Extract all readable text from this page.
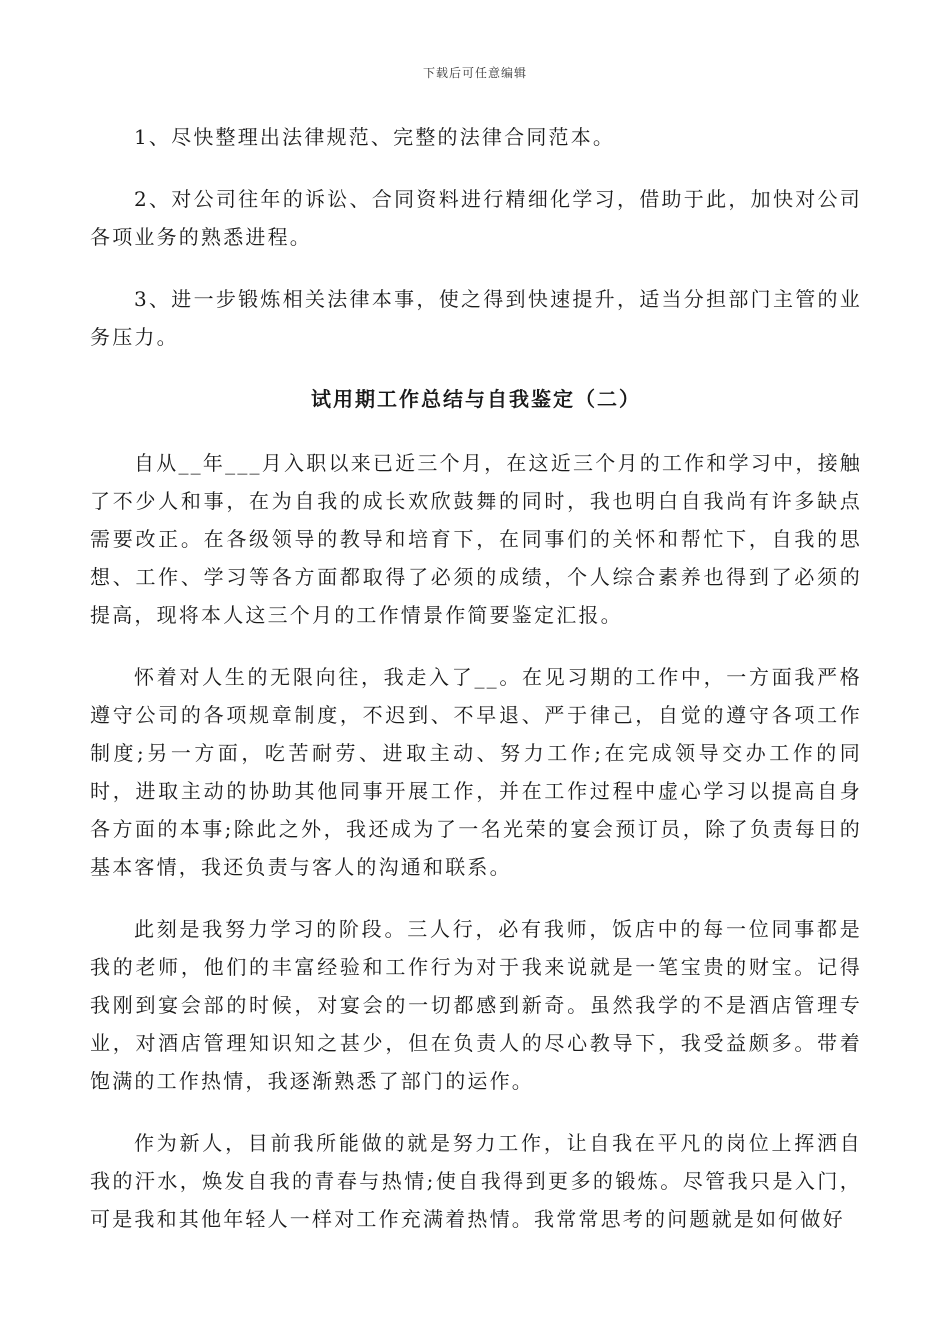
下载后可任意编辑

1、尽快整理出法律规范、完整的法律合同范本。

2、对公司往年的诉讼、合同资料进行精细化学习，借助于此，加快对公司各项业务的熟悉进程。

3、进一步锻炼相关法律本事，使之得到快速提升，适当分担部门主管的业务压力。

试用期工作总结与自我鉴定（二）

自从__年___月入职以来已近三个月，在这近三个月的工作和学习中，接触了不少人和事，在为自我的成长欢欣鼓舞的同时，我也明白自我尚有许多缺点需要改正。在各级领导的教导和培育下，在同事们的关怀和帮忙下，自我的思想、工作、学习等各方面都取得了必须的成绩，个人综合素养也得到了必须的提高，现将本人这三个月的工作情景作简要鉴定汇报。

怀着对人生的无限向往，我走入了__。在见习期的工作中，一方面我严格遵守公司的各项规章制度，不迟到、不早退、严于律己，自觉的遵守各项工作制度;另一方面，吃苦耐劳、进取主动、努力工作;在完成领导交办工作的同时，进取主动的协助其他同事开展工作，并在工作过程中虚心学习以提高自身各方面的本事;除此之外，我还成为了一名光荣的宴会预订员，除了负责每日的基本客情，我还负责与客人的沟通和联系。

此刻是我努力学习的阶段。三人行，必有我师，饭店中的每一位同事都是我的老师，他们的丰富经验和工作行为对于我来说就是一笔宝贵的财宝。记得我刚到宴会部的时候，对宴会的一切都感到新奇。虽然我学的不是酒店管理专业，对酒店管理知识知之甚少，但在负责人的尽心教导下，我受益颇多。带着饱满的工作热情，我逐渐熟悉了部门的运作。

作为新人，目前我所能做的就是努力工作，让自我在平凡的岗位上挥洒自我的汗水，焕发自我的青春与热情;使自我得到更多的锻炼。尽管我只是入门，可是我和其他年轻人一样对工作充满着热情。我常常思考的问题就是如何做好
